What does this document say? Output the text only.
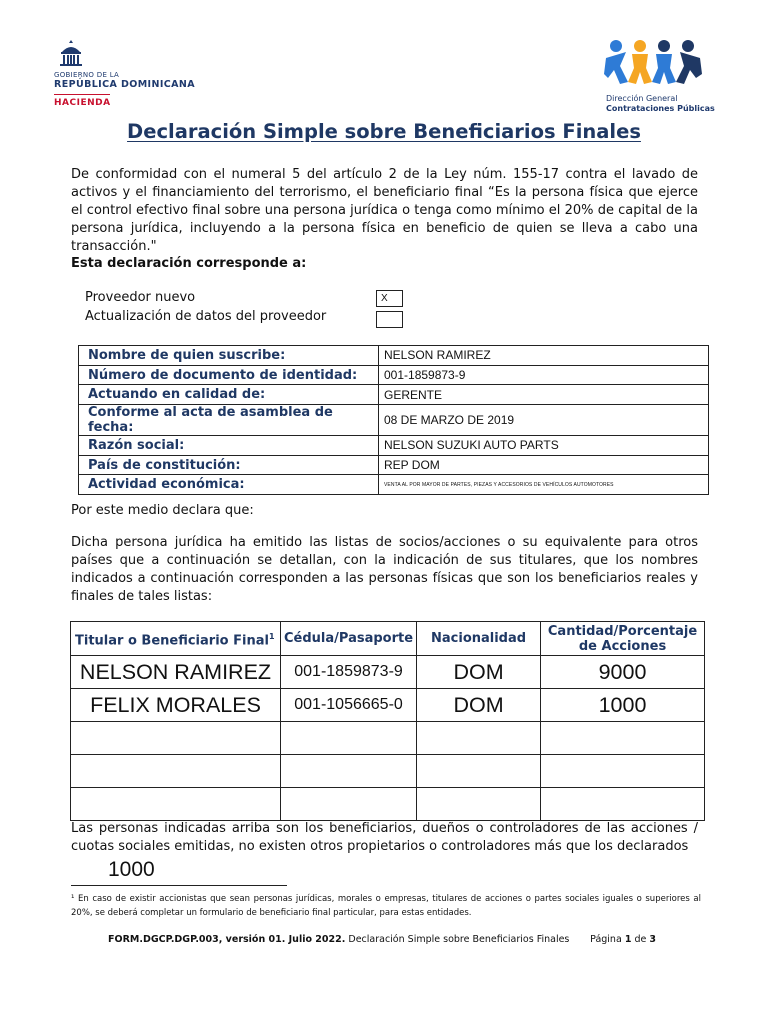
GOBIERNO DE LA
REPÚBLICA DOMINICANA
HACIENDA	Dirección General
Contrataciones Públicas
Declaración Simple sobre Beneficiarios Finales
De conformidad con el numeral 5 del artículo 2 de la Ley núm. 155-17 contra el lavado de activos y el financiamiento del terrorismo, el beneficiario final “Es la persona física que ejerce el control efectivo final sobre una persona jurídica o tenga como mínimo el 20% de capital de la persona jurídica, incluyendo a la persona física en beneficio de quien se lleva a cabo una transacción."
Esta declaración corresponde a:
Proveedor nuevo	X
Actualización de datos del proveedor
Nombre de quien suscribe:	NELSON RAMIREZ
Número de documento de identidad:	001-1859873-9
Actuando en calidad de:	GERENTE
Conforme al acta de asamblea de fecha:	08 DE MARZO DE 2019
Razón social:	NELSON SUZUKI AUTO PARTS
País de constitución:	REP DOM
Actividad económica:	VENTA AL POR MAYOR DE PARTES, PIEZAS Y ACCESORIOS DE VEHÍCULOS AUTOMOTORES
Por este medio declara que:
Dicha persona jurídica ha emitido las listas de socios/acciones o su equivalente para otros países que a continuación se detallan, con la indicación de sus titulares, que los nombres indicados a continuación corresponden a las personas físicas que son los beneficiarios reales y finales de tales listas:
Titular o Beneficiario Final$^1$	Cédula/Pasaporte	Nacionalidad	Cantidad/Porcentaje de Acciones
NELSON RAMIREZ	001-1859873-9	DOM	9000
FELIX MORALES	001-1056665-0	DOM	1000

Las personas indicadas arriba son los beneficiarios, dueños o controladores de las acciones / cuotas sociales emitidas, no existen otros propietarios o controladores más que los declarados
1000
¹ En caso de existir accionistas que sean personas jurídicas, morales o empresas, titulares de acciones o partes sociales iguales o superiores al 20%, se deberá completar un formulario de beneficiario final particular, para estas entidades.
FORM.DGCP.DGP.003, versión 01. Julio 2022. Declaración Simple sobre Beneficiarios Finales Página 1 de 3
